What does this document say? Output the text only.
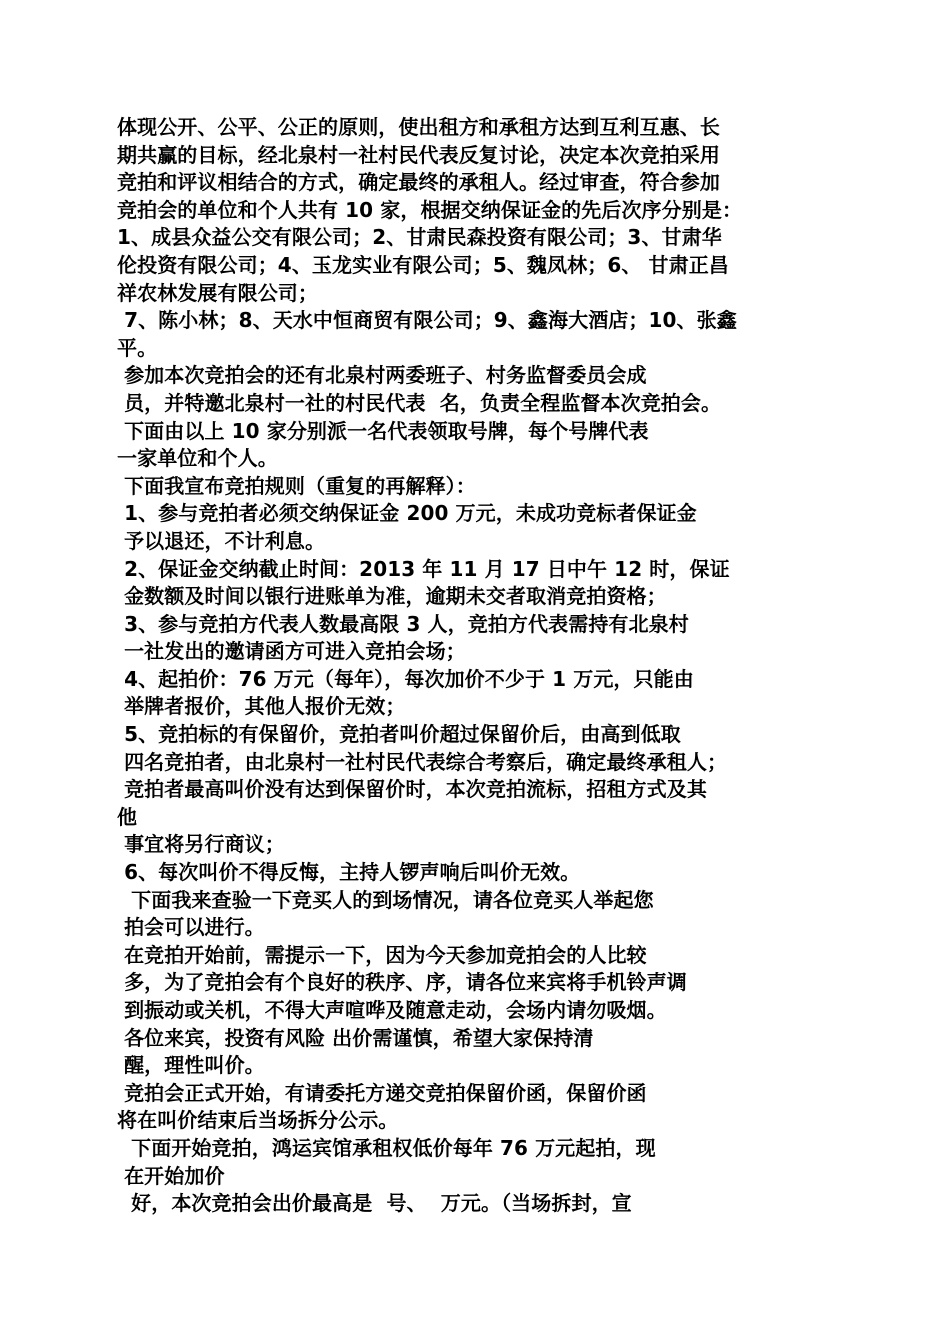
体现公开、公平、公正的原则，使出租方和承租方达到互利互惠、长
期共赢的目标，经北泉村一社村民代表反复讨论，决定本次竞拍采用
竞拍和评议相结合的方式，确定最终的承租人。经过审查，符合参加
竞拍会的单位和个人共有 10 家，根据交纳保证金的先后次序分别是：
1、成县众益公交有限公司；2、甘肃民森投资有限公司；3、甘肃华
伦投资有限公司；4、玉龙实业有限公司；5、魏凤林；6、 甘肃正昌
祥农林发展有限公司；
7、陈小林；8、天水中恒商贸有限公司；9、鑫海大酒店；10、张鑫
平。
参加本次竞拍会的还有北泉村两委班子、村务监督委员会成
员，并特邀北泉村一社的村民代表  名，负责全程监督本次竞拍会。
下面由以上 10 家分别派一名代表领取号牌，每个号牌代表
一家单位和个人。
下面我宣布竞拍规则（重复的再解释）：
1、参与竞拍者必须交纳保证金 200 万元，未成功竞标者保证金
予以退还，不计利息。
2、保证金交纳截止时间：2013 年 11 月 17 日中午 12 时，保证
金数额及时间以银行进账单为准，逾期未交者取消竞拍资格；
3、参与竞拍方代表人数最高限 3 人，竞拍方代表需持有北泉村
一社发出的邀请函方可进入竞拍会场；
4、起拍价：76 万元（每年），每次加价不少于 1 万元，只能由
举牌者报价，其他人报价无效；
5、竞拍标的有保留价，竞拍者叫价超过保留价后，由高到低取
四名竞拍者，由北泉村一社村民代表综合考察后，确定最终承租人；
竞拍者最高叫价没有达到保留价时，本次竞拍流标，招租方式及其
他
事宜将另行商议；
6、每次叫价不得反悔，主持人锣声响后叫价无效。
下面我来查验一下竞买人的到场情况，请各位竞买人举起您
拍会可以进行。
在竞拍开始前，需提示一下，因为今天参加竞拍会的人比较
多，为了竞拍会有个良好的秩序、序，请各位来宾将手机铃声调
到振动或关机，不得大声喧哗及随意走动，会场内请勿吸烟。
各位来宾，投资有风险 出价需谨慎，希望大家保持清
醒，理性叫价。
竞拍会正式开始，有请委托方递交竞拍保留价函，保留价函
将在叫价结束后当场拆分公示。
下面开始竞拍，鸿运宾馆承租权低价每年 76 万元起拍，现
在开始加价
好，本次竞拍会出价最高是  号、  万元。（当场拆封，宣
